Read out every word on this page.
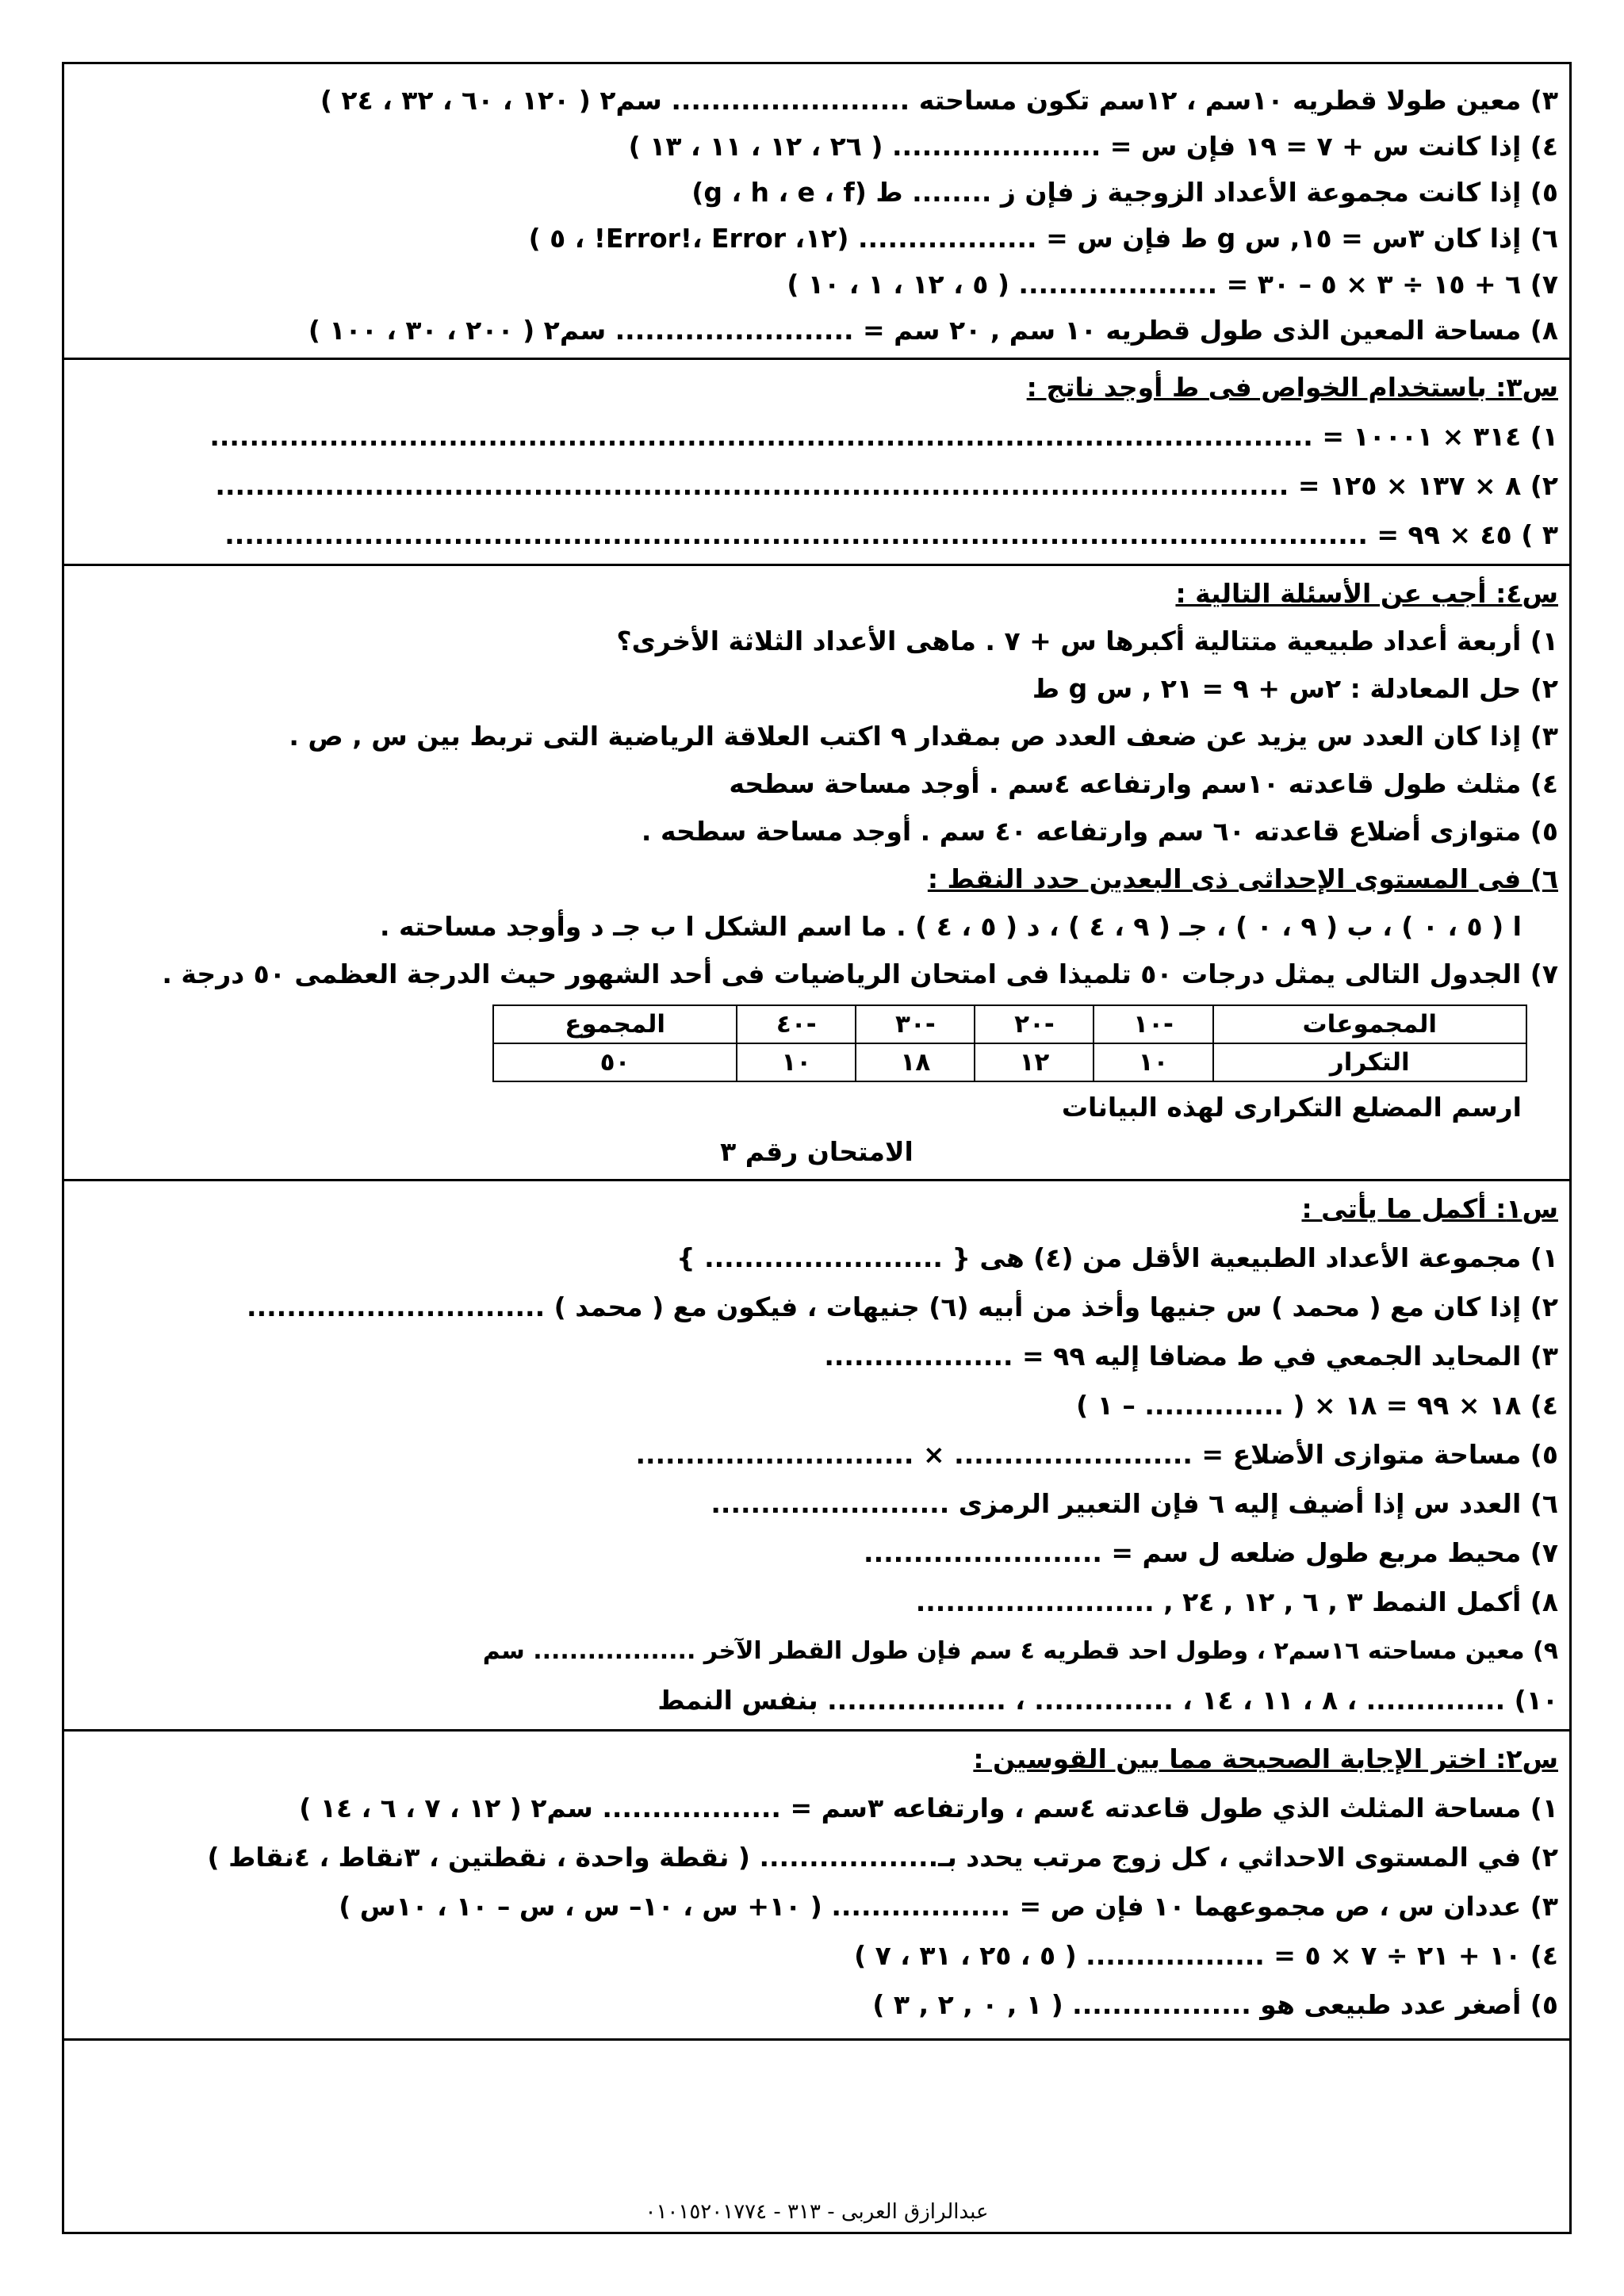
٣) معين طولا قطريه ١٠سم ، ١٢سم تكون مساحته ........................ سم٢ ( ١٢٠ ، ٦٠ ، ٣٢ ، ٢٤ )
٤) إذا كانت س + ٧ = ١٩ فإن س = ..................... ( ٢٦ ، ١٢ ، ١١ ، ١٣ )
٥) إذا كانت مجموعة الأعداد الزوجية ز فإن ز ........ ط (g ، h ، e ، f)
٦) إذا كان ٣س = ١٥, س g ط فإن س = .................. (١٢، Error!، Error! ، ٥ )
٧) ٦ + ١٥ ÷ ٣ × ٥ – ٣٠ = .................... ( ٥ ، ١٢ ، ١ ، ١٠ )
٨) مساحة المعين الذى طول قطريه ١٠ سم , ٢٠ سم = ........................ سم٢ ( ٢٠٠ ، ٣٠ ، ١٠٠ )
س٣: باستخدام الخواص فى ط أوجد ناتج :
١) ٣١٤ × ١٠٠٠١ = ...............................................................................................................
٢) ٨ × ١٣٧ × ١٢٥ = ............................................................................................................
٣ ) ٤٥ × ٩٩ = ...................................................................................................................
س٤: أجب عن الأسئلة التالية :
١) أربعة أعداد طبيعية متتالية أكبرها س + ٧ . ماهى الأعداد الثلاثة الأخرى؟
٢) حل المعادلة : ٢س + ٩ = ٢١ , س g ط
٣) إذا كان العدد س يزيد عن ضعف العدد ص بمقدار ٩ اكتب العلاقة الرياضية التى تربط بين س , ص .
٤) مثلث طول قاعدته ١٠سم وارتفاعه ٤سم . أوجد مساحة سطحه
٥) متوازى أضلاع قاعدته ٦٠ سم وارتفاعه ٤٠ سم . أوجد مساحة سطحه .
٦) فى المستوى الإحداثى ذى البعدين حدد النقط :
ا ( ٥ ، ٠ ) ، ب ( ٩ ، ٠ ) ، جـ ( ٩ ، ٤ ) ، د ( ٥ ، ٤ ) . ما اسم الشكل ا ب جـ د وأوجد مساحته .
٧) الجدول التالى يمثل درجات ٥٠ تلميذا فى امتحان الرياضيات فى أحد الشهور حيث الدرجة العظمى ٥٠ درجة .
المجموعات	-١٠	-٢٠	-٣٠	-٤٠	المجموع
التكرار	١٠	١٢	١٨	١٠	٥٠
ارسم المضلع التكرارى لهذه البيانات
الامتحان رقم ٣
س١: أكمل ما يأتى :
١) مجموعة الأعداد الطبيعية الأقل من (٤) هى { ........................ }
٢) إذا كان مع ( محمد ) س جنيها وأخذ من أبيه (٦) جنيهات ، فيكون مع ( محمد ) ..............................
٣) المحايد الجمعي في ط مضافا إليه ٩٩ = ...................
٤) ١٨ × ٩٩ = ١٨ × ( .............. – ١ )
٥) مساحة متوازى الأضلاع = ........................ × ............................
٦) العدد س إذا أضيف إليه ٦ فإن التعبير الرمزى ........................
٧) محيط مربع طول ضلعه ل سم = ........................
٨) أكمل النمط ٣ , ٦ , ١٢ , ٢٤ , ........................
٩) معين مساحته ١٦سم٢ ، وطول احد قطريه ٤ سم فإن طول القطر الآخر .................. سم
١٠) .............. ، ٨ ، ١١ ، ١٤ ، .............. ، .................. بنفس النمط
س٢: اختر الإجابة الصحيحة مما بين القوسين :
١) مساحة المثلث الذي طول قاعدته ٤سم ، وارتفاعه ٣سم = .................. سم٢ ( ١٢ ، ٧ ، ٦ ، ١٤ )
٢) في المستوى الاحداثي ، كل زوج مرتب يحدد بـ.................. ( نقطة واحدة ، نقطتين ، ٣نقاط ، ٤نقاط )
٣) عددان س ، ص مجموعهما ١٠ فإن ص = .................. ( ١٠+ س ، ١٠– س ، س – ١٠ ، ١٠س )
٤) ١٠ + ٢١ ÷ ٧ × ٥ = .................. ( ٥ ، ٢٥ ، ٣١ ، ٧ )
٥) أصغر عدد طبيعى هو .................. ( ١ , ٠ , ٢ , ٣ )
عبدالرازق العربى - ٣١٣ - ٠١٠١٥٢٠١٧٧٤
